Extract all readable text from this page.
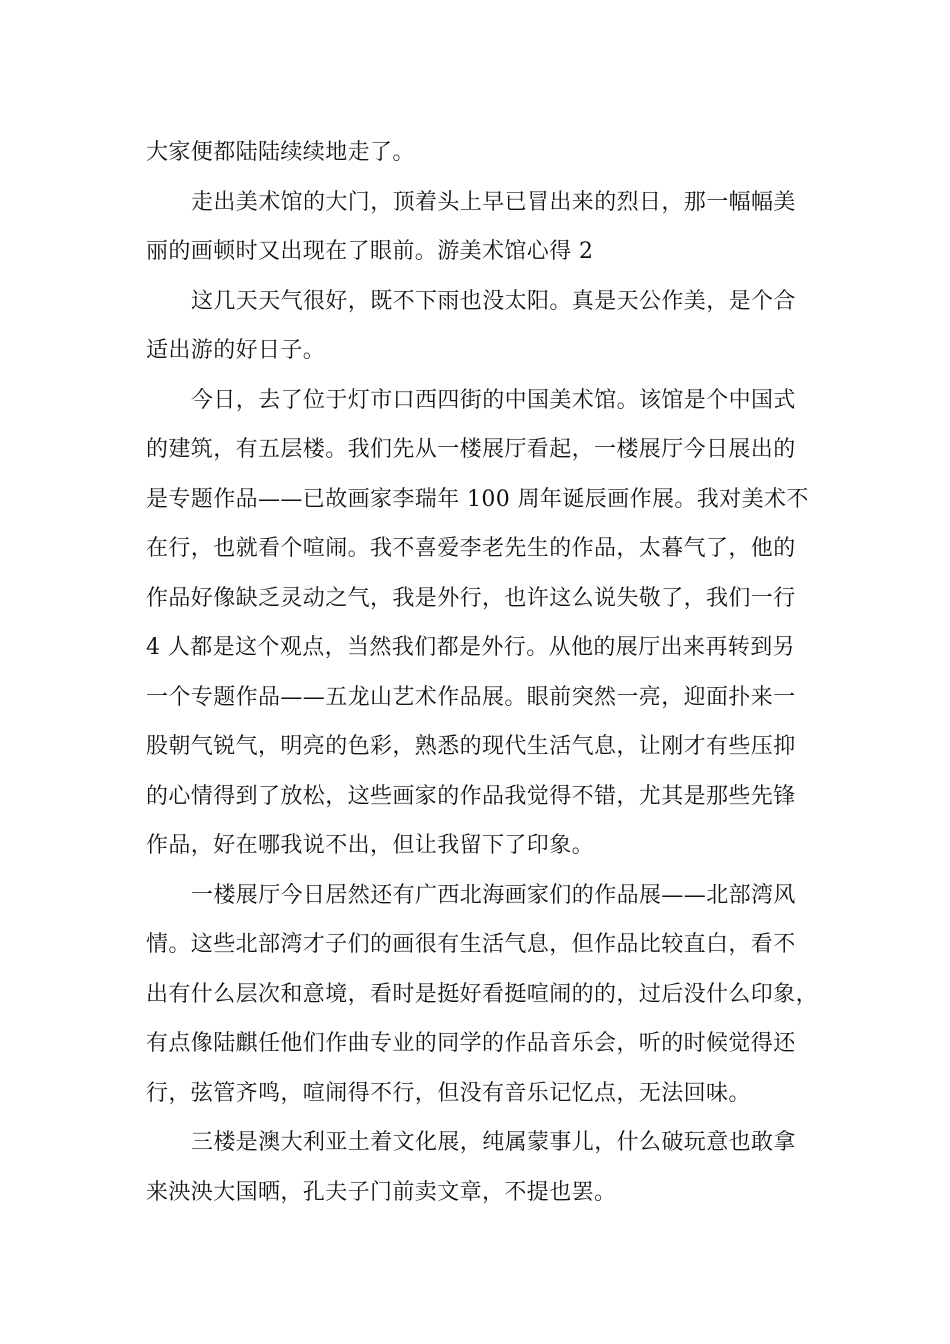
大家便都陆陆续续地走了。
走出美术馆的大门，顶着头上早已冒出来的烈日，那一幅幅美
丽的画顿时又出现在了眼前。游美术馆心得 2
这几天天气很好，既不下雨也没太阳。真是天公作美，是个合
适出游的好日子。
今日，去了位于灯市口西四街的中国美术馆。该馆是个中国式
的建筑，有五层楼。我们先从一楼展厅看起，一楼展厅今日展出的
是专题作品——已故画家李瑞年 100 周年诞辰画作展。我对美术不
在行，也就看个喧闹。我不喜爱李老先生的作品，太暮气了，他的
作品好像缺乏灵动之气，我是外行，也许这么说失敬了，我们一行
4 人都是这个观点，当然我们都是外行。从他的展厅出来再转到另
一个专题作品——五龙山艺术作品展。眼前突然一亮，迎面扑来一
股朝气锐气，明亮的色彩，熟悉的现代生活气息，让刚才有些压抑
的心情得到了放松，这些画家的作品我觉得不错，尤其是那些先锋
作品，好在哪我说不出，但让我留下了印象。
一楼展厅今日居然还有广西北海画家们的作品展——北部湾风
情。这些北部湾才子们的画很有生活气息，但作品比较直白，看不
出有什么层次和意境，看时是挺好看挺喧闹的的，过后没什么印象，
有点像陆麒任他们作曲专业的同学的作品音乐会，听的时候觉得还
行，弦管齐鸣，喧闹得不行，但没有音乐记忆点，无法回味。
三楼是澳大利亚土着文化展，纯属蒙事儿，什么破玩意也敢拿
来泱泱大国晒，孔夫子门前卖文章，不提也罢。
